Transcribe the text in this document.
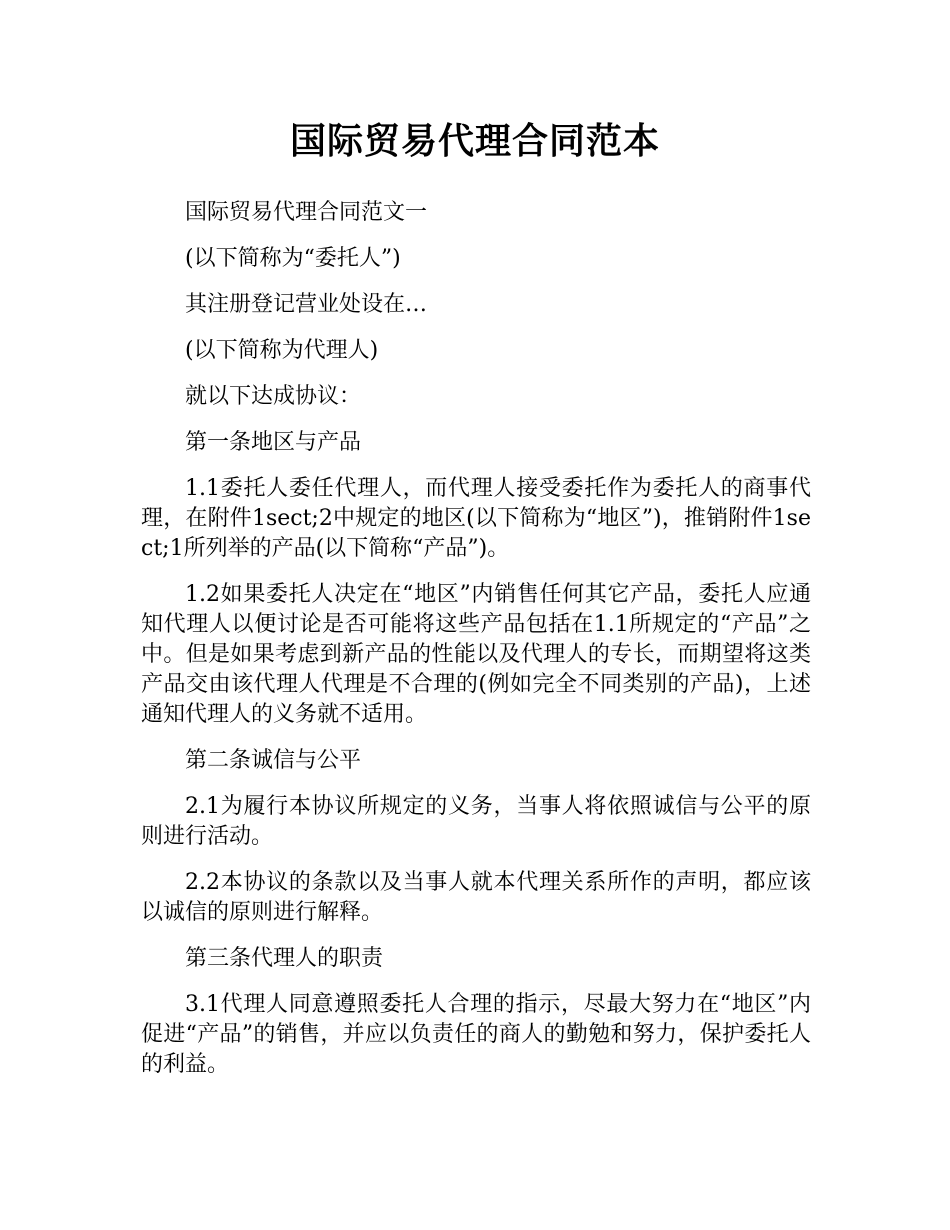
国际贸易代理合同范本

国际贸易代理合同范文一

(以下简称为“委托人”)

其注册登记营业处设在…

(以下简称为代理人)

就以下达成协议：

第一条地区与产品

1.1委托人委任代理人，而代理人接受委托作为委托人的商事代理，在附件1sect;2中规定的地区(以下简称为“地区”)，推销附件1sect;1所列举的产品(以下简称“产品”)。

1.2如果委托人决定在“地区”内销售任何其它产品，委托人应通知代理人以便讨论是否可能将这些产品包括在1.1所规定的“产品”之中。但是如果考虑到新产品的性能以及代理人的专长，而期望将这类产品交由该代理人代理是不合理的(例如完全不同类别的产品)，上述通知代理人的义务就不适用。

第二条诚信与公平

2.1为履行本协议所规定的义务，当事人将依照诚信与公平的原则进行活动。

2.2本协议的条款以及当事人就本代理关系所作的声明，都应该以诚信的原则进行解释。

第三条代理人的职责

3.1代理人同意遵照委托人合理的指示，尽最大努力在“地区”内促进“产品”的销售，并应以负责任的商人的勤勉和努力，保护委托人的利益。
